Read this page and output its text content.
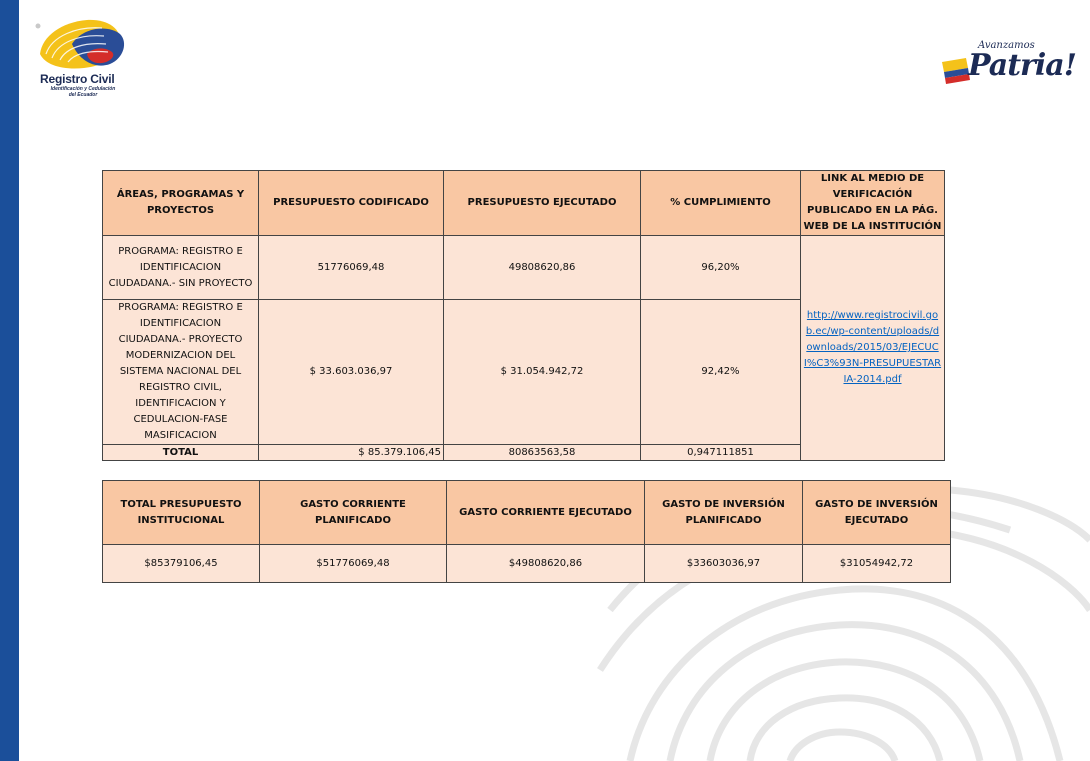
Registro Civil
Identificación y Cedulación del Ecuador
Avanzamos
Patria!
ÁREAS, PROGRAMAS Y PROYECTOS	PRESUPUESTO CODIFICADO	PRESUPUESTO EJECUTADO	% CUMPLIMIENTO	LINK AL MEDIO DE VERIFICACIÓN PUBLICADO EN LA PÁG. WEB DE LA INSTITUCIÓN
PROGRAMA: REGISTRO E IDENTIFICACION CIUDADANA.- SIN PROYECTO	51776069,48	49808620,86	96,20%	http://www.registrocivil.gob.ec/wp-content/uploads/downloads/2015/03/EJECUCI%C3%93N-PRESUPUESTARIA-2014.pdf
PROGRAMA: REGISTRO E IDENTIFICACION CIUDADANA.- PROYECTO MODERNIZACION DEL SISTEMA NACIONAL DEL REGISTRO CIVIL, IDENTIFICACION Y CEDULACION-FASE MASIFICACION	$ 33.603.036,97	$ 31.054.942,72	92,42%	
TOTAL	$ 85.379.106,45	80863563,58	0,947111851	
TOTAL PRESUPUESTO INSTITUCIONAL	GASTO CORRIENTE PLANIFICADO	GASTO CORRIENTE EJECUTADO	GASTO DE INVERSIÓN PLANIFICADO	GASTO DE INVERSIÓN EJECUTADO
$85379106,45	$51776069,48	$49808620,86	$33603036,97	$31054942,72
